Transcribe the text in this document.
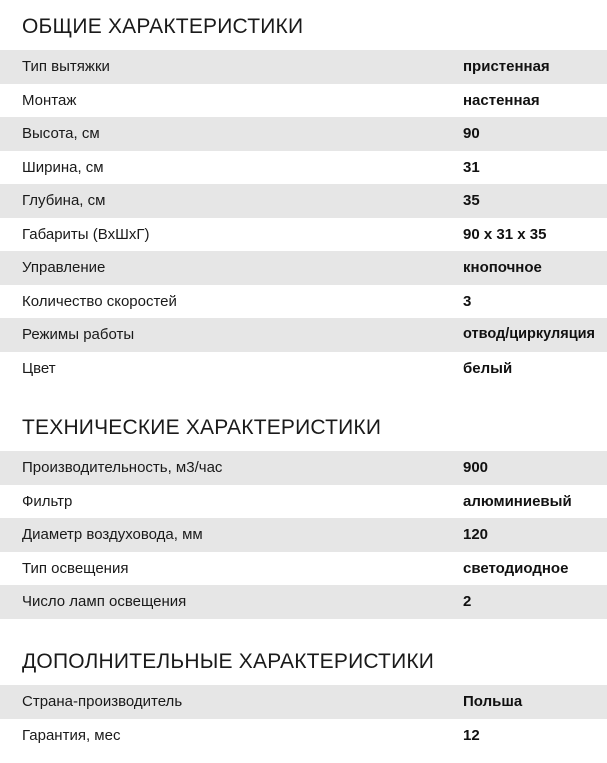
ОБЩИЕ ХАРАКТЕРИСТИКИ
Тип вытяжки	пристенная
Монтаж	настенная
Высота, см	90
Ширина, см	31
Глубина, см	35
Габариты (ВхШхГ)	90 x 31 x 35
Управление	кнопочное
Количество скоростей	3
Режимы работы	отвод/циркуляция
Цвет	белый
ТЕХНИЧЕСКИЕ ХАРАКТЕРИСТИКИ
Производительность, м3/час	900
Фильтр	алюминиевый
Диаметр воздуховода, мм	120
Тип освещения	светодиодное
Число ламп освещения	2
ДОПОЛНИТЕЛЬНЫЕ ХАРАКТЕРИСТИКИ
Страна-производитель	Польша
Гарантия, мес	12
